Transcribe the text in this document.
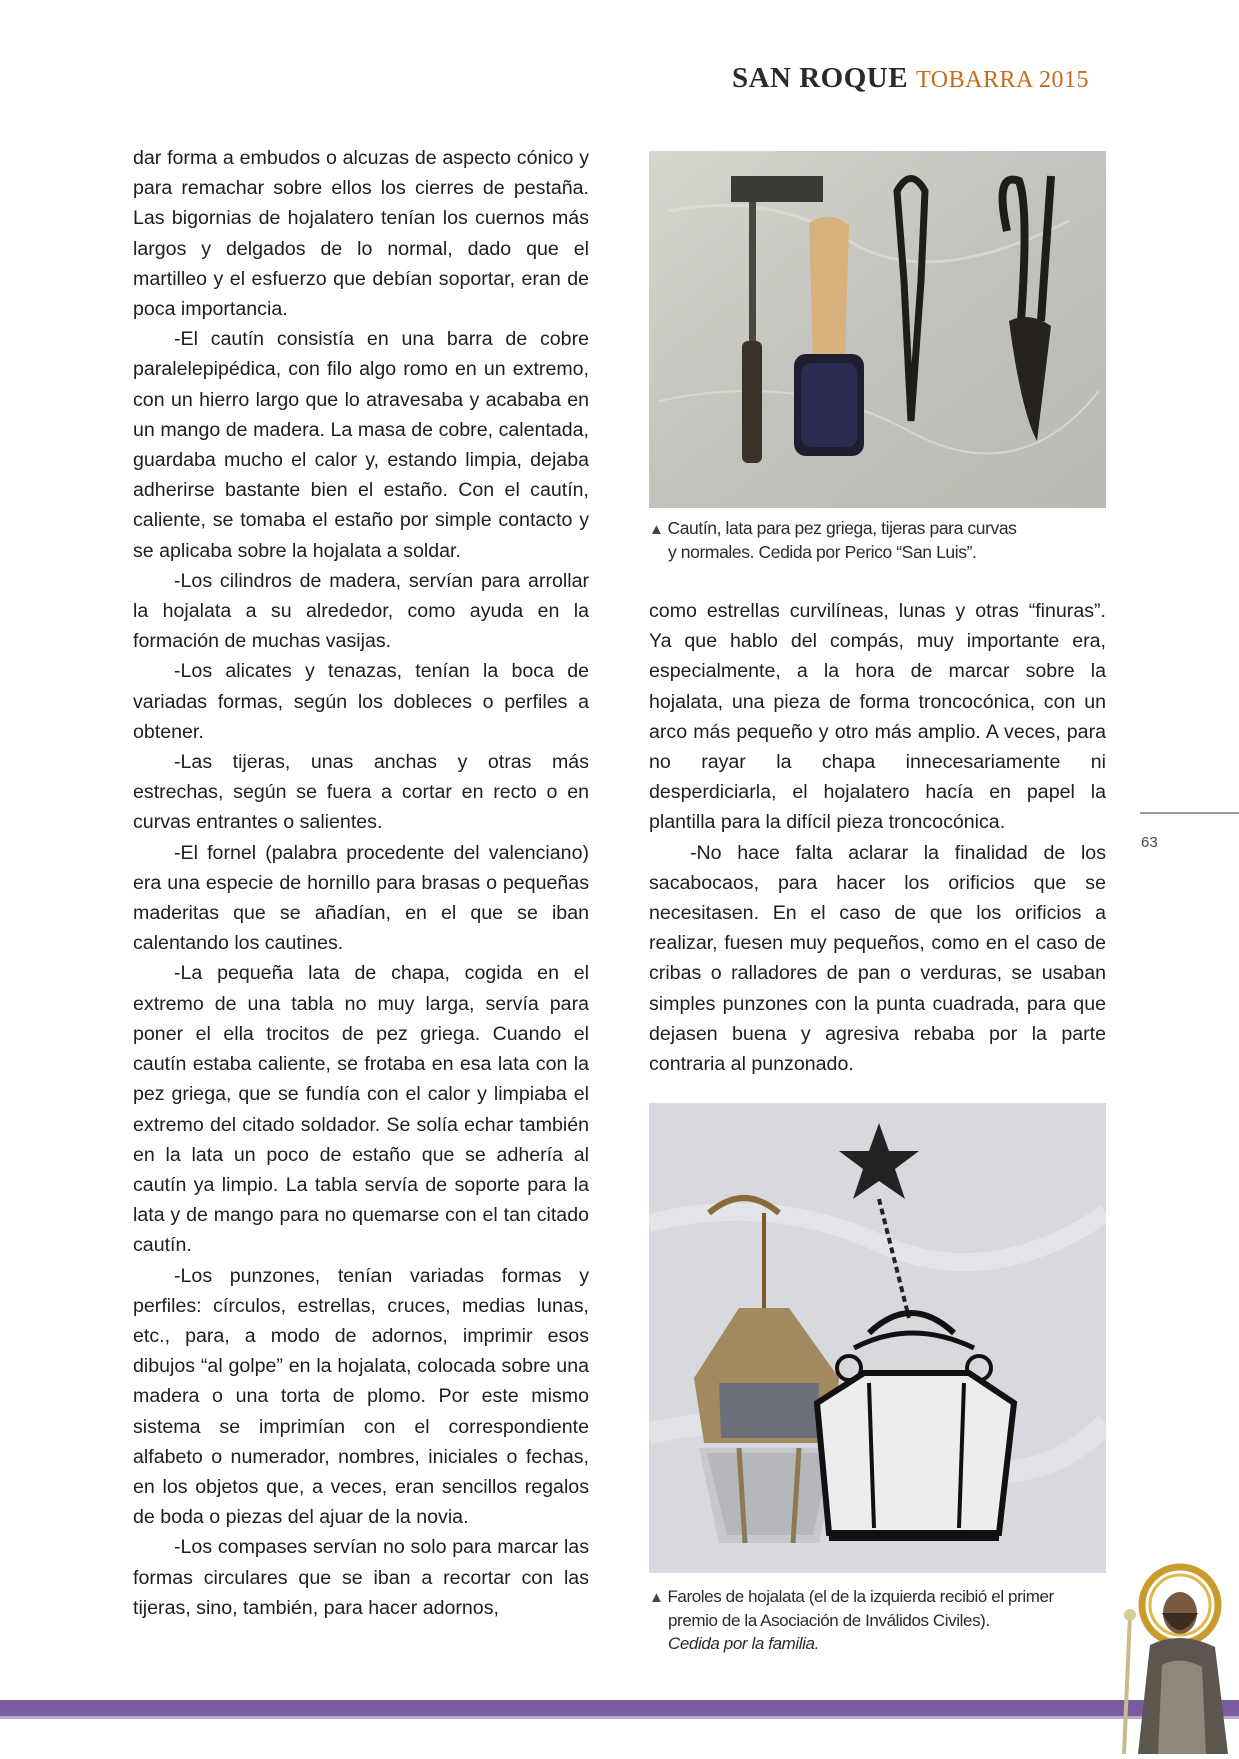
SAN ROQUE TOBARRA 2015

dar forma a embudos o alcuzas de aspecto cónico y para remachar sobre ellos los cierres de pestaña. Las bigornias de hojalatero tenían los cuernos más largos y delgados de lo normal, dado que el martilleo y el esfuerzo que debían soportar, eran de poca importancia.

-El cautín consistía en una barra de cobre paralelepipédica, con filo algo romo en un extremo, con un hierro largo que lo atravesaba y acababa en un mango de madera. La masa de cobre, calentada, guardaba mucho el calor y, estando limpia, dejaba adherirse bastante bien el estaño. Con el cautín, caliente, se tomaba el estaño por simple contacto y se aplicaba sobre la hojalata a soldar.

-Los cilindros de madera, servían para arrollar la hojalata a su alrededor, como ayuda en la formación de muchas vasijas.

-Los alicates y tenazas, tenían la boca de variadas formas, según los dobleces o perfiles a obtener.

-Las tijeras, unas anchas y otras más estrechas, según se fuera a cortar en recto o en curvas entrantes o salientes.

-El fornel (palabra procedente del valenciano) era una especie de hornillo para brasas o pequeñas maderitas que se añadían, en el que se iban calentando los cautines.

-La pequeña lata de chapa, cogida en el extremo de una tabla no muy larga, servía para poner el ella trocitos de pez griega. Cuando el cautín estaba caliente, se frotaba en esa lata con la pez griega, que se fundía con el calor y limpiaba el extremo del citado soldador. Se solía echar también en la lata un poco de estaño que se adhería al cautín ya limpio. La tabla servía de soporte para la lata y de mango para no quemarse con el tan citado cautín.

-Los punzones, tenían variadas formas y perfiles: círculos, estrellas, cruces, medias lunas, etc., para, a modo de adornos, imprimir esos dibujos “al golpe” en la hojalata, colocada sobre una madera o una torta de plomo. Por este mismo sistema se imprimían con el correspondiente alfabeto o numerador, nombres, iniciales o fechas, en los objetos que, a veces, eran sencillos regalos de boda o piezas del ajuar de la novia.

-Los compases servían no solo para marcar las formas circulares que se iban a recortar con las tijeras, sino, también, para hacer adornos,

▲ Cautín, lata para pez griega, tijeras para curvas
y normales. Cedida por Perico “San Luis”.

como estrellas curvilíneas, lunas y otras “finuras”. Ya que hablo del compás, muy importante era, especialmente, a la hora de marcar sobre la hojalata, una pieza de forma troncocónica, con un arco más pequeño y otro más amplio. A veces, para no rayar la chapa innecesariamente ni desperdiciarla, el hojalatero hacía en papel la plantilla para la difícil pieza troncocónica.

-No hace falta aclarar la finalidad de los sacabocaos, para hacer los orificios que se necesitasen. En el caso de que los orificios a realizar, fuesen muy pequeños, como en el caso de cribas o ralladores de pan o verduras, se usaban simples punzones con la punta cuadrada, para que dejasen buena y agresiva rebaba por la parte contraria al punzonado.

▲ Faroles de hojalata (el de la izquierda recibió el primer
premio de la Asociación de Inválidos Civiles).
Cedida por la familia.
63
